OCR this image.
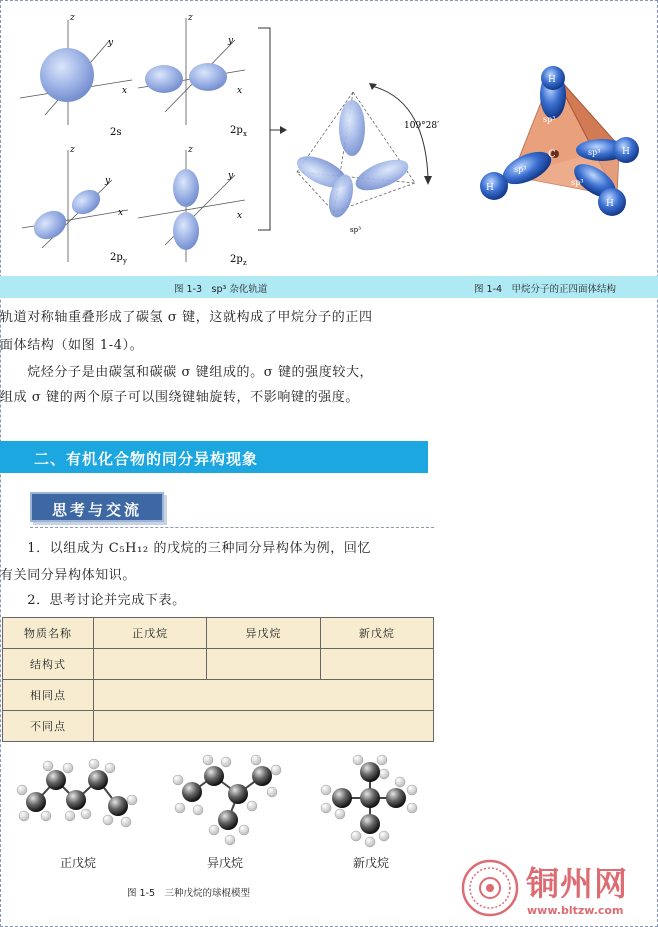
z
y
x
2s
z
y
x
2p x
z
y
x
2p y
z
y
x
2p z
109°28′
sp³
C
H
H
H
H
sp³
sp³
sp³
sp³
图 1-3　sp³ 杂化轨道	图 1-4　甲烷分子的正四面体结构
轨道对称轴重叠形成了碳氢 σ 键，这就构成了甲烷分子的正四
面体结构（如图 1-4）。
　　烷烃分子是由碳氢和碳碳 σ 键组成的。σ 键的强度较大，
组成 σ 键的两个原子可以围绕键轴旋转，不影响键的强度。
二、有机化合物的同分异构现象
思考与交流
　　1．以组成为 C₅H₁₂ 的戊烷的三种同分异构体为例，回忆
有关同分异构体知识。
　　2．思考讨论并完成下表。
物质名称	正戊烷	异戊烷	新戊烷
结构式			
相同点			
不同点			
正戊烷	异戊烷	新戊烷
图 1-5　三种戊烷的球棍模型	铜州网
www.bltzw.com
